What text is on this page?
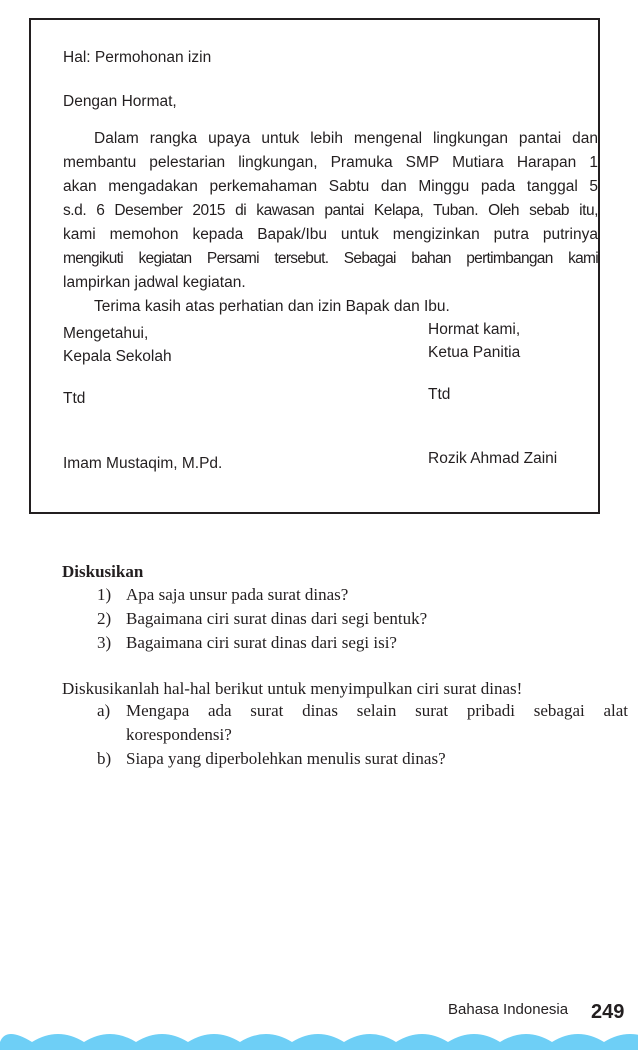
Hal: Permohonan izin
Dengan Hormat,
Dalam rangka upaya untuk lebih mengenal lingkungan pantai dan
membantu pelestarian lingkungan, Pramuka SMP Mutiara Harapan 1
akan mengadakan perkemahaman Sabtu dan Minggu pada tanggal 5
s.d. 6 Desember 2015 di kawasan pantai Kelapa, Tuban. Oleh sebab itu,
kami memohon kepada Bapak/Ibu untuk mengizinkan putra putrinya
mengikuti kegiatan Persami tersebut. Sebagai bahan pertimbangan kami
lampirkan jadwal kegiatan.
Terima kasih atas perhatian dan izin Bapak dan Ibu.
Mengetahui,
Kepala Sekolah
Ttd
Imam Mustaqim, M.Pd.
Hormat kami,
Ketua Panitia
Ttd
Rozik Ahmad Zaini
Diskusikan
1) Apa saja unsur pada surat dinas?
2) Bagaimana ciri surat dinas dari segi bentuk?
3) Bagaimana ciri surat dinas dari segi isi?
Diskusikanlah hal-hal berikut untuk menyimpulkan ciri surat dinas!
a) Mengapa ada surat dinas selain surat pribadi sebagai alat
korespondensi?
b) Siapa yang diperbolehkan menulis surat dinas?
Bahasa Indonesia 249
